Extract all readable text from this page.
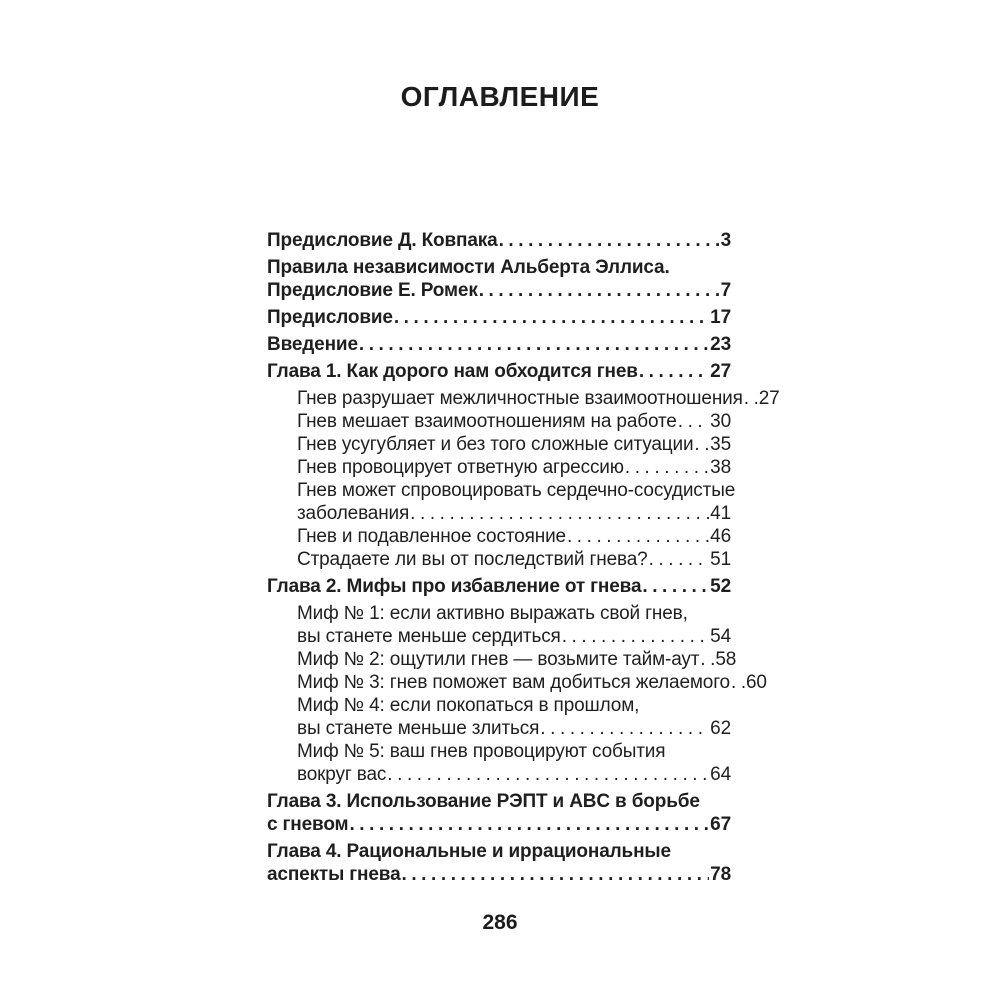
ОГЛАВЛЕНИЕ
Предисловие Д. Ковпака .....	3
Правила независимости Альберта Эллиса.
Предисловие Е. Ромек .....	7
Предисловие .....	17
Введение .....	23
Глава 1. Как дорого нам обходится гнев .....	27
Гнев разрушает межличностные взаимоотношения ..... 27
Гнев мешает взаимоотношениям на работе ..... 30
Гнев усугубляет и без того сложные ситуации ..... 35
Гнев провоцирует ответную агрессию .....	38
Гнев может спровоцировать сердечно-сосудистые
заболевания .....	41
Гнев и подавленное состояние .....	46
Страдаете ли вы от последствий гнева? .....	51
Глава 2. Мифы про избавление от гнева .....	52
Миф № 1: если активно выражать свой гнев,
вы станете меньше сердиться .....	54
Миф № 2: ощутили гнев — возьмите тайм-аут ..... 58
Миф № 3: гнев поможет вам добиться желаемого ..... 60
Миф № 4: если покопаться в прошлом,
вы станете меньше злиться .....	62
Миф № 5: ваш гнев провоцируют события
вокруг вас .....	64
Глава 3. Использование РЭПТ и ABC в борьбе
с гневом .....	67
Глава 4. Рациональные и иррациональные
аспекты гнева .....	78
286
